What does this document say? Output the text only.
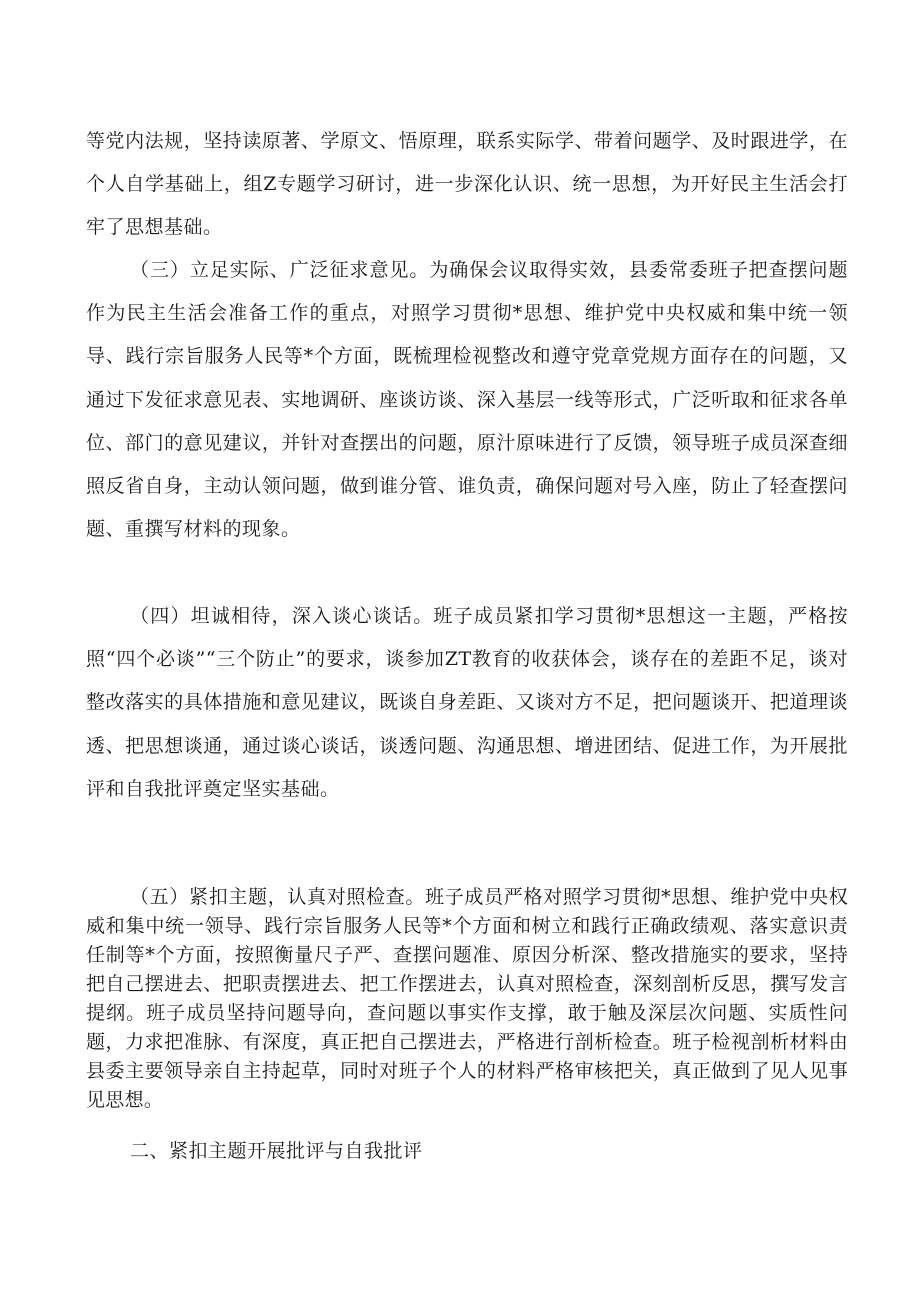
等党内法规，坚持读原著、学原文、悟原理，联系实际学、带着问题学、及时跟进学，在个人自学基础上，组Z专题学习研讨，进一步深化认识、统一思想，为开好民主生活会打牢了思想基础。

（三）立足实际、广泛征求意见。为确保会议取得实效，县委常委班子把查摆问题作为民主生活会准备工作的重点，对照学习贯彻*思想、维护党中央权威和集中统一领导、践行宗旨服务人民等*个方面，既梳理检视整改和遵守党章党规方面存在的问题，又通过下发征求意见表、实地调研、座谈访谈、深入基层一线等形式，广泛听取和征求各单位、部门的意见建议，并针对查摆出的问题，原汁原味进行了反馈，领导班子成员深查细照反省自身，主动认领问题，做到谁分管、谁负责，确保问题对号入座，防止了轻查摆问题、重撰写材料的现象。

（四）坦诚相待，深入谈心谈话。班子成员紧扣学习贯彻*思想这一主题，严格按照“四个必谈”“三个防止”的要求，谈参加ZT教育的收获体会，谈存在的差距不足，谈对整改落实的具体措施和意见建议，既谈自身差距、又谈对方不足，把问题谈开、把道理谈透、把思想谈通，通过谈心谈话，谈透问题、沟通思想、增进团结、促进工作，为开展批评和自我批评奠定坚实基础。

（五）紧扣主题，认真对照检查。班子成员严格对照学习贯彻*思想、维护党中央权威和集中统一领导、践行宗旨服务人民等*个方面和树立和践行正确政绩观、落实意识责任制等*个方面，按照衡量尺子严、查摆问题准、原因分析深、整改措施实的要求，坚持把自己摆进去、把职责摆进去、把工作摆进去，认真对照检查，深刻剖析反思，撰写发言提纲。班子成员坚持问题导向，查问题以事实作支撑，敢于触及深层次问题、实质性问题，力求把准脉、有深度，真正把自己摆进去，严格进行剖析检查。班子检视剖析材料由县委主要领导亲自主持起草，同时对班子个人的材料严格审核把关，真正做到了见人见事见思想。

二、紧扣主题开展批评与自我批评
